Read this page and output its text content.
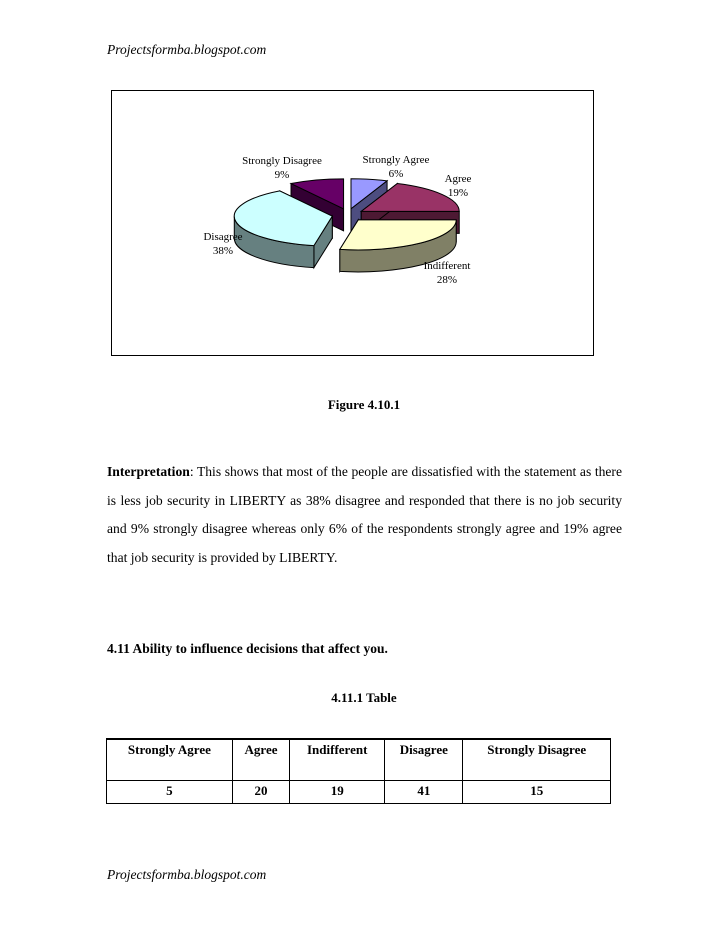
Projectsformba.blogspot.com
Strongly Agree
6%	Agree
19%
Indifferent
28%
Disagree
38%
Strongly Disagree
9%
Figure 4.10.1
Interpretation: This shows that most of the people are dissatisfied with the statement as there is less job security in LIBERTY as 38% disagree and responded that there is no job security and 9% strongly disagree whereas only 6% of the respondents strongly agree and 19% agree that job security is provided by LIBERTY.
4.11 Ability to influence decisions that affect you.
4.11.1 Table
Strongly Agree	Agree	Indifferent	Disagree	Strongly Disagree
5	20	19	41	15
Projectsformba.blogspot.com
